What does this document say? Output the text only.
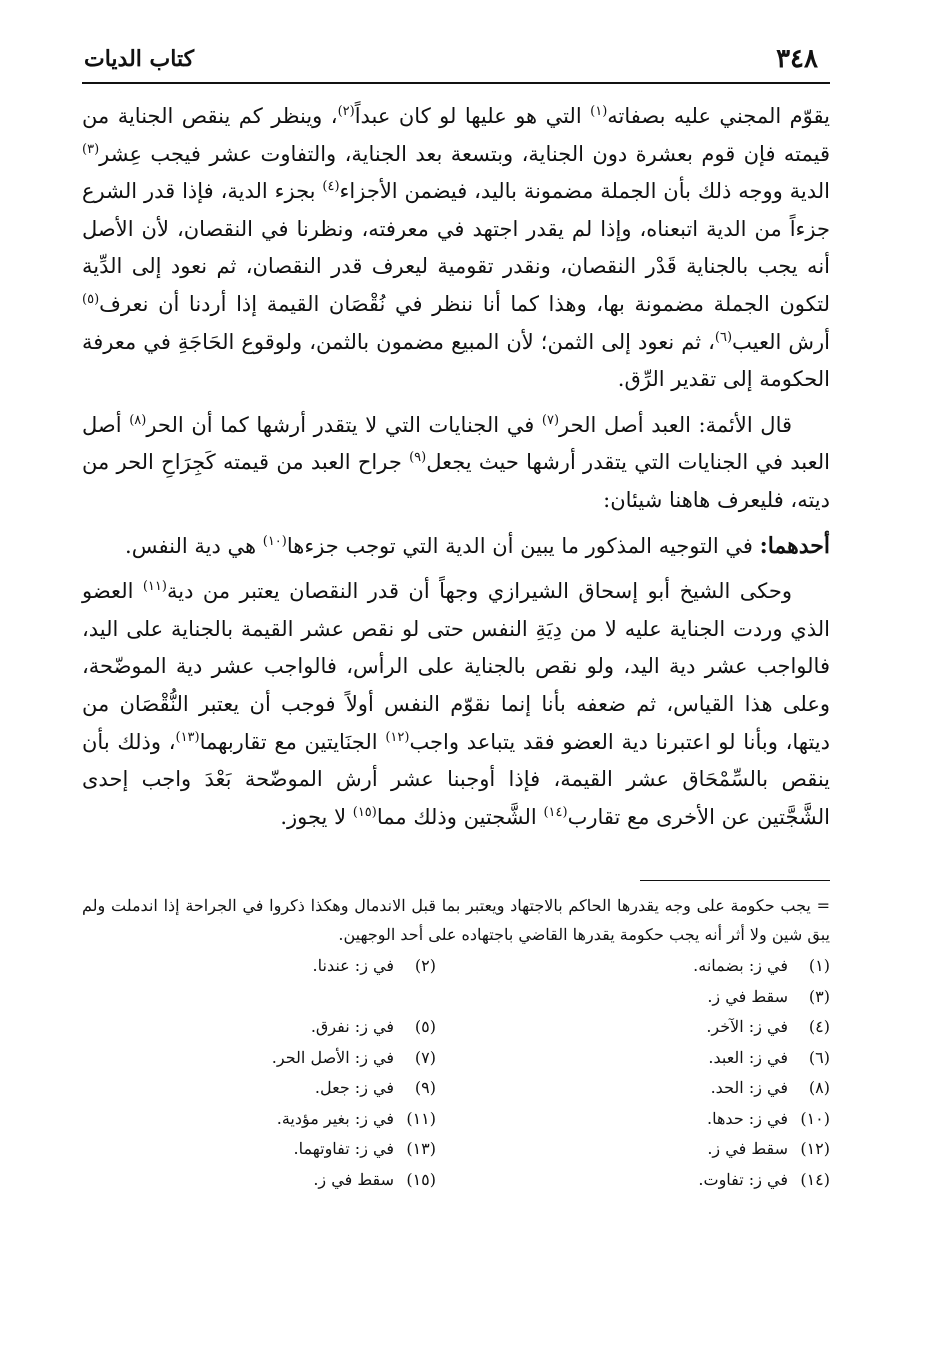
٣٤٨
كتاب الديات

يقوّم المجني عليه بصفاته$^{(١)}$ التي هو عليها لو كان عبداً$^{(٢)}$، وينظر كم ينقص الجناية من قيمته فإن قوم بعشرة دون الجناية، وبتسعة بعد الجناية، والتفاوت عشر فيجب عِشر$^{(٣)}$ الدية ووجه ذلك بأن الجملة مضمونة باليد، فيضمن الأجزاء$^{(٤)}$ بجزء الدية، فإذا قدر الشرع جزءاً من الدية اتبعناه، وإذا لم يقدر اجتهد في معرفته، ونظرنا في النقصان، لأن الأصل أنه يجب بالجناية قَدْر النقصان، ونقدر تقومية ليعرف قدر النقصان، ثم نعود إلى الدِّية لتكون الجملة مضمونة بها، وهذا كما أنا ننظر في نُقْصَان القيمة إذا أردنا أن نعرف$^{(٥)}$ أرش العيب$^{(٦)}$، ثم نعود إلى الثمن؛ لأن المبيع مضمون بالثمن، ولوقوع الحَاجَةِ في معرفة الحكومة إلى تقدير الرِّق.

قال الأئمة: العبد أصل الحر$^{(٧)}$ في الجنايات التي لا يتقدر أرشها كما أن الحر$^{(٨)}$ أصل العبد في الجنايات التي يتقدر أرشها حيث يجعل$^{(٩)}$ جراح العبد من قيمته كَجِرَاحِ الحر من ديته، فليعرف هاهنا شيئان:

أحدهما: في التوجيه المذكور ما يبين أن الدية التي توجب جزءها$^{(١٠)}$ هي دية النفس.

وحكى الشيخ أبو إسحاق الشيرازي وجهاً أن قدر النقصان يعتبر من دية$^{(١١)}$ العضو الذي وردت الجناية عليه لا من دِيَةِ النفس حتى لو نقص عشر القيمة بالجناية على اليد، فالواجب عشر دية اليد، ولو نقص بالجناية على الرأس، فالواجب عشر دية الموضّحة، وعلى هذا القياس، ثم ضعفه بأنا إنما نقوّم النفس أولاً فوجب أن يعتبر النُّقْصَان من ديتها، وبأنا لو اعتبرنا دية العضو فقد يتباعد واجب$^{(١٢)}$ الجنَايتين مع تقاربهما$^{(١٣)}$، وذلك بأن ينقص بالسِّمْحَاق عشر القيمة، فإذا أوجبنا عشر أرش الموضّحة بَعْدَ واجب إحدى الشَّجَّتين عن الأخرى مع تقارب$^{(١٤)}$ الشَّجتين وذلك مما$^{(١٥)}$ لا يجوز.

= يجب حكومة على وجه يقدرها الحاكم بالاجتهاد ويعتبر بما قبل الاندمال وهكذا ذكروا في الجراحة إذا اندملت ولم يبق شين ولا أثر أنه يجب حكومة يقدرها القاضي باجتهاده على أحد الوجهين.

(١)في ز: بضمانه.
(٢)في ز: عندنا.
(٣)سقط في ز.
(٤)في ز: الآخر.
(٥)في ز: نفرق.
(٦)في ز: العبد.
(٧)في ز: الأصل الحر.
(٨)في ز: الحد.
(٩)في ز: جعل.
(١٠)في ز: حدها.
(١١)في ز: بغير مؤدية.
(١٢)سقط في ز.
(١٣)في ز: تفاوتهما.
(١٤)في ز: تفاوت.
(١٥)سقط في ز.
